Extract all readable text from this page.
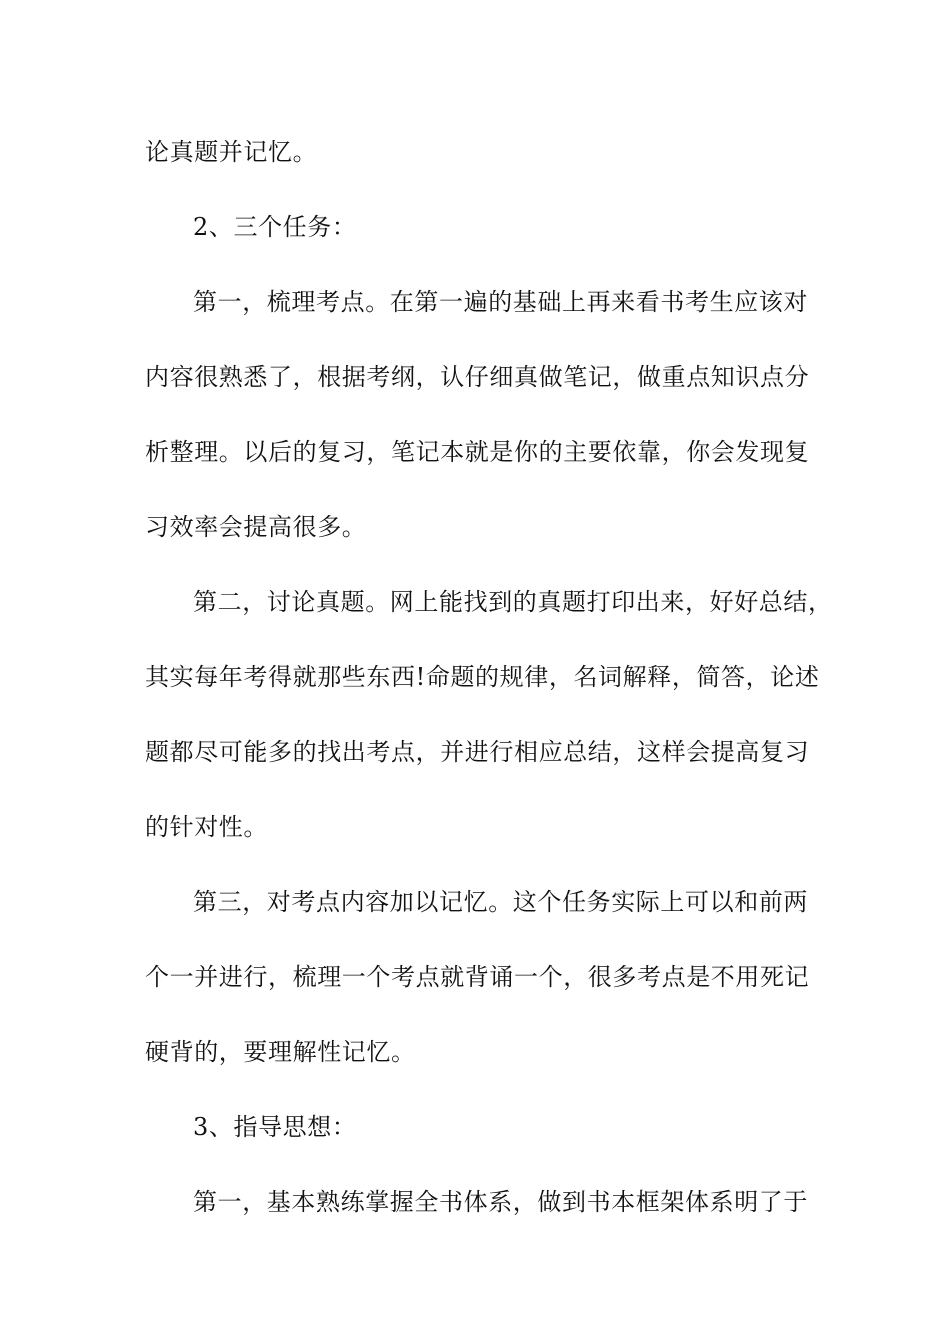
论真题并记忆。

2、三个任务：

第一，梳理考点。在第一遍的基础上再来看书考生应该对

内容很熟悉了，根据考纲，认仔细真做笔记，做重点知识点分

析整理。以后的复习，笔记本就是你的主要依靠，你会发现复

习效率会提高很多。

第二，讨论真题。网上能找到的真题打印出来，好好总结，

其实每年考得就那些东西!命题的规律，名词解释，简答，论述

题都尽可能多的找出考点，并进行相应总结，这样会提高复习

的针对性。

第三，对考点内容加以记忆。这个任务实际上可以和前两

个一并进行，梳理一个考点就背诵一个，很多考点是不用死记

硬背的，要理解性记忆。

3、指导思想：

第一，基本熟练掌握全书体系，做到书本框架体系明了于
